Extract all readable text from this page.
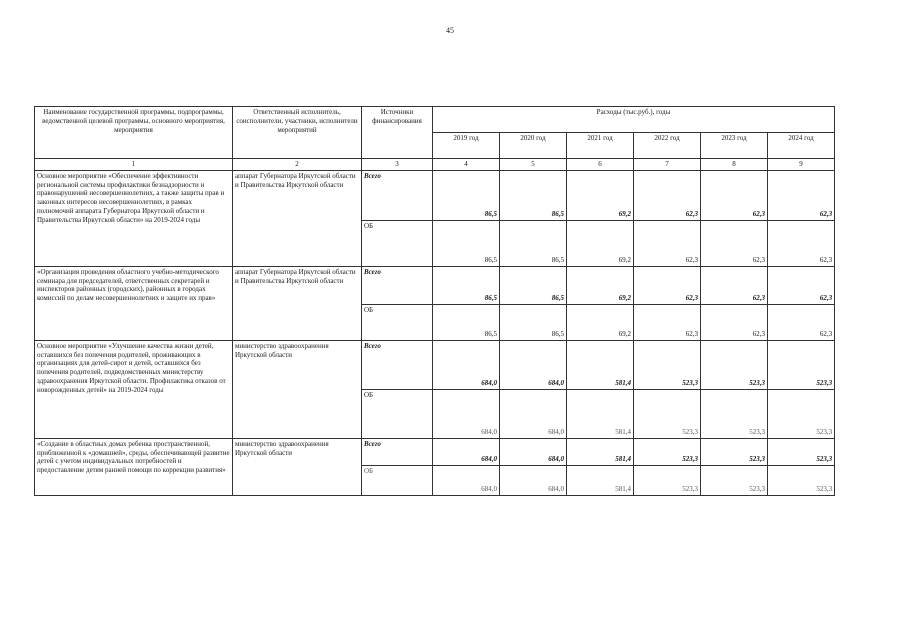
45
Наименование государственной программы, подпрограммы, ведомственной целевой программы, основного мероприятия, мероприятия	Ответственный исполнитель, соисполнители, участники, исполнители мероприятий	Источники финансирования	Расходы (тыс.руб.), годы					
			2019 год	2020 год	2021 год	2022 год	2023 год	2024 год
1	2	3	4	5	6	7	8	9
Основное мероприятие «Обеспечение эффективности региональной системы профилактики безнадзорности и правонарушений несовершеннолетних, а также защиты прав и законных интересов несовершеннолетних, в рамках полномочий аппарата Губернатора Иркутской области и Правительства Иркутской области» на 2019-2024 годы	аппарат Губернатора Иркутской области и Правительства Иркутской области	Всего	86,5	86,5	69,2	62,3	62,3	62,3
		ОБ	86,5	86,5	69,2	62,3	62,3	62,3
«Организация проведения областного учебно-методического семинара для председателей, ответственных секретарей и инспекторов районных (городских), районных в городах комиссий по делам несовершеннолетних и защите их прав»	аппарат Губернатора Иркутской области и Правительства Иркутской области	Всего	86,5	86,5	69,2	62,3	62,3	62,3
		ОБ	86,5	86,5	69,2	62,3	62,3	62,3
Основное мероприятие «Улучшение качества жизни детей, оставшихся без попечения родителей, проживающих в организациях для детей-сирот и детей, оставшихся без попечения родителей, подведомственных министерству здравоохранения Иркутской области. Профилактика отказов от новорожденных детей» на 2019-2024 годы	министерство здравоохранения Иркутской области	Всего	684,0	684,0	581,4	523,3	523,3	523,3
		ОБ	684,0	684,0	581,4	523,3	523,3	523,3
«Создание в областных домах ребенка пространственной, приближенной к «домашней», среды, обеспечивающей развитие детей с учетом индивидуальных потребностей и предоставление детям ранней помощи по коррекции развития»	министерство здравоохранения Иркутской области	Всего	684,0	684,0	581,4	523,3	523,3	523,3
		ОБ	684,0	684,0	581,4	523,3	523,3	523,3
